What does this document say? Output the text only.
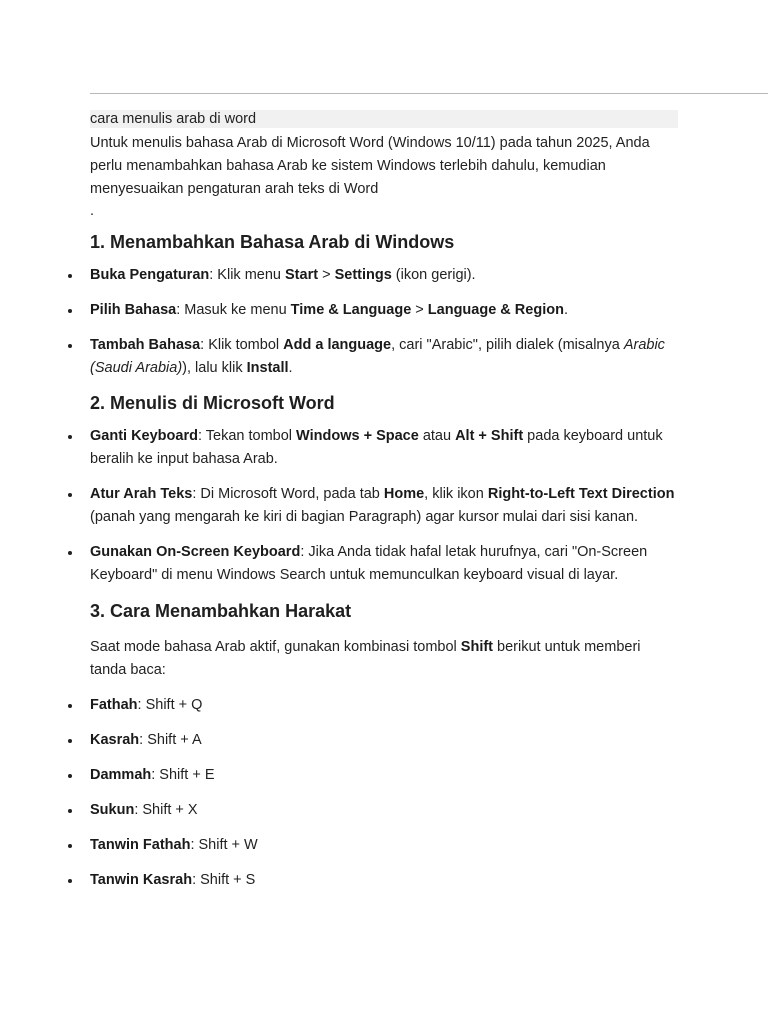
cara menulis arab di word

Untuk menulis bahasa Arab di Microsoft Word (Windows 10/11) pada tahun 2025, Anda perlu menambahkan bahasa Arab ke sistem Windows terlebih dahulu, kemudian menyesuaikan pengaturan arah teks di Word

.

1. Menambahkan Bahasa Arab di Windows
Buka Pengaturan: Klik menu Start > Settings (ikon gerigi).
Pilih Bahasa: Masuk ke menu Time & Language > Language & Region.
Tambah Bahasa: Klik tombol Add a language, cari "Arabic", pilih dialek (misalnya Arabic (Saudi Arabia)), lalu klik Install.
2. Menulis di Microsoft Word
Ganti Keyboard: Tekan tombol Windows + Space atau Alt + Shift pada keyboard untuk beralih ke input bahasa Arab.
Atur Arah Teks: Di Microsoft Word, pada tab Home, klik ikon Right-to-Left Text Direction (panah yang mengarah ke kiri di bagian Paragraph) agar kursor mulai dari sisi kanan.
Gunakan On-Screen Keyboard: Jika Anda tidak hafal letak hurufnya, cari "On-Screen Keyboard" di menu Windows Search untuk memunculkan keyboard visual di layar.
3. Cara Menambahkan Harakat

Saat mode bahasa Arab aktif, gunakan kombinasi tombol Shift berikut untuk memberi tanda baca:

Fathah: Shift + Q
Kasrah: Shift + A
Dammah: Shift + E
Sukun: Shift + X
Tanwin Fathah: Shift + W
Tanwin Kasrah: Shift + S
